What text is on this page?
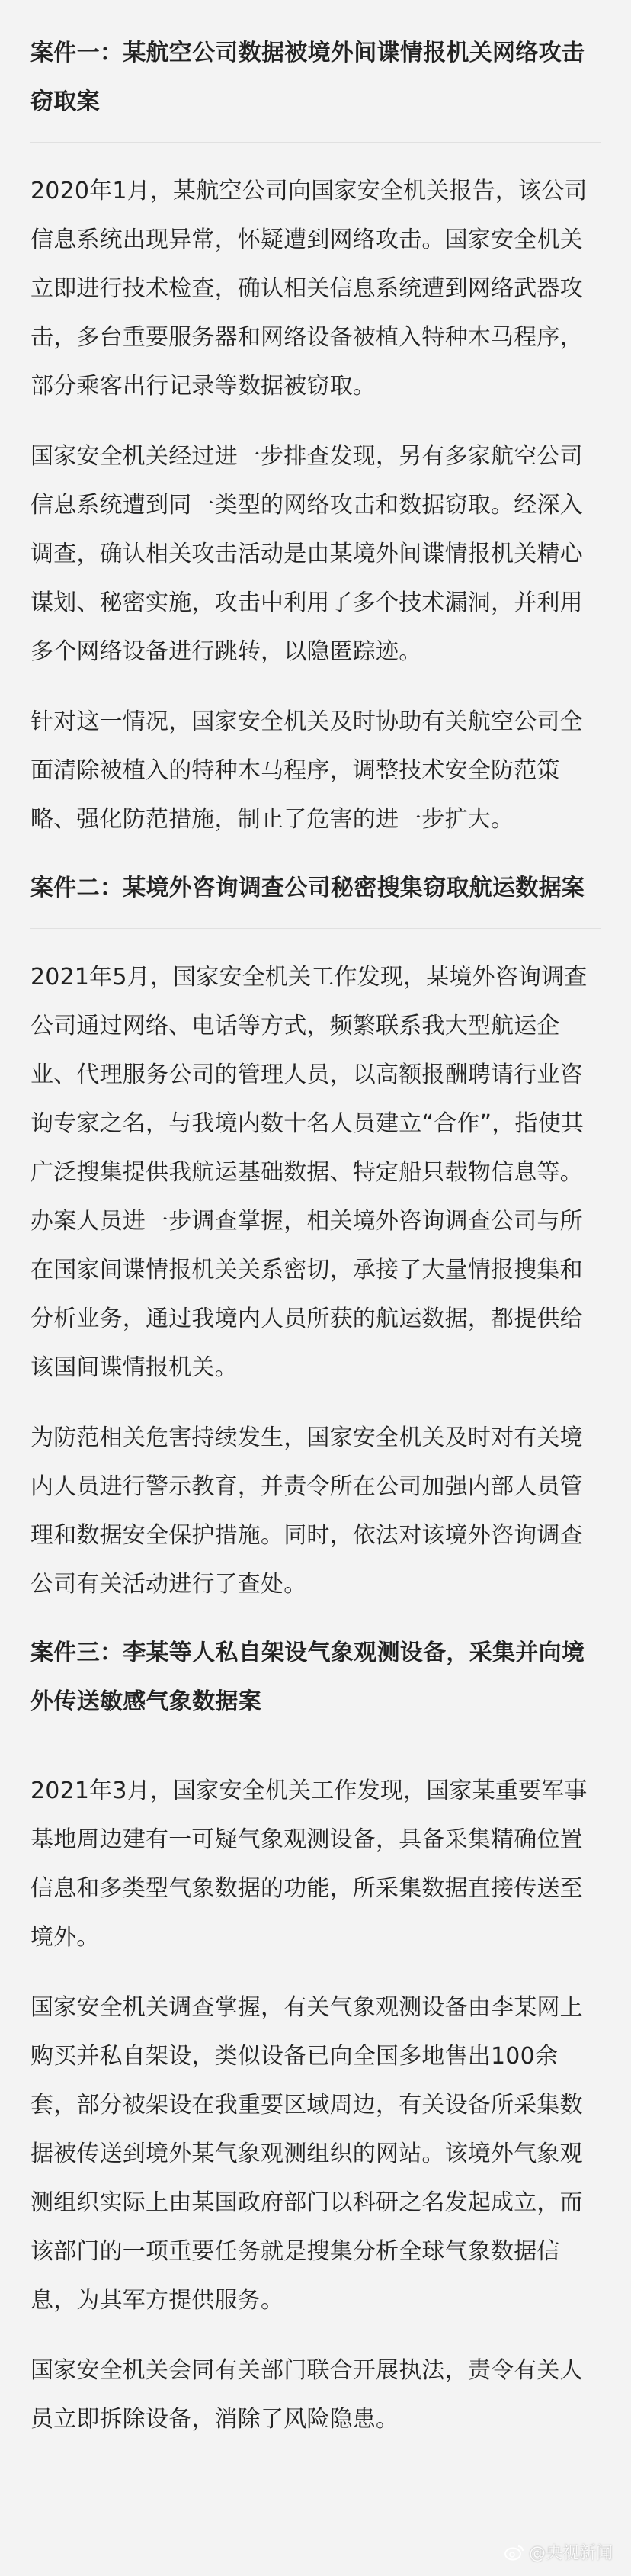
案件一：某航空公司数据被境外间谍情报机关网络攻击窃取案

2020年1月，某航空公司向国家安全机关报告，该公司信息系统出现异常，怀疑遭到网络攻击。国家安全机关立即进行技术检查，确认相关信息系统遭到网络武器攻击，多台重要服务器和网络设备被植入特种木马程序，部分乘客出行记录等数据被窃取。

国家安全机关经过进一步排查发现，另有多家航空公司信息系统遭到同一类型的网络攻击和数据窃取。经深入调查，确认相关攻击活动是由某境外间谍情报机关精心谋划、秘密实施，攻击中利用了多个技术漏洞，并利用多个网络设备进行跳转，以隐匿踪迹。

针对这一情况，国家安全机关及时协助有关航空公司全面清除被植入的特种木马程序，调整技术安全防范策略、强化防范措施，制止了危害的进一步扩大。

案件二：某境外咨询调查公司秘密搜集窃取航运数据案

2021年5月，国家安全机关工作发现，某境外咨询调查公司通过网络、电话等方式，频繁联系我大型航运企业、代理服务公司的管理人员，以高额报酬聘请行业咨询专家之名，与我境内数十名人员建立“合作”，指使其广泛搜集提供我航运基础数据、特定船只载物信息等。办案人员进一步调查掌握，相关境外咨询调查公司与所在国家间谍情报机关关系密切，承接了大量情报搜集和分析业务，通过我境内人员所获的航运数据，都提供给该国间谍情报机关。

为防范相关危害持续发生，国家安全机关及时对有关境内人员进行警示教育，并责令所在公司加强内部人员管理和数据安全保护措施。同时，依法对该境外咨询调查公司有关活动进行了查处。

案件三：李某等人私自架设气象观测设备，采集并向境外传送敏感气象数据案

2021年3月，国家安全机关工作发现，国家某重要军事基地周边建有一可疑气象观测设备，具备采集精确位置信息和多类型气象数据的功能，所采集数据直接传送至境外。

国家安全机关调查掌握，有关气象观测设备由李某网上购买并私自架设，类似设备已向全国多地售出100余套，部分被架设在我重要区域周边，有关设备所采集数据被传送到境外某气象观测组织的网站。该境外气象观测组织实际上由某国政府部门以科研之名发起成立，而该部门的一项重要任务就是搜集分析全球气象数据信息，为其军方提供服务。

国家安全机关会同有关部门联合开展执法，责令有关人员立即拆除设备，消除了风险隐患。

@央视新闻
